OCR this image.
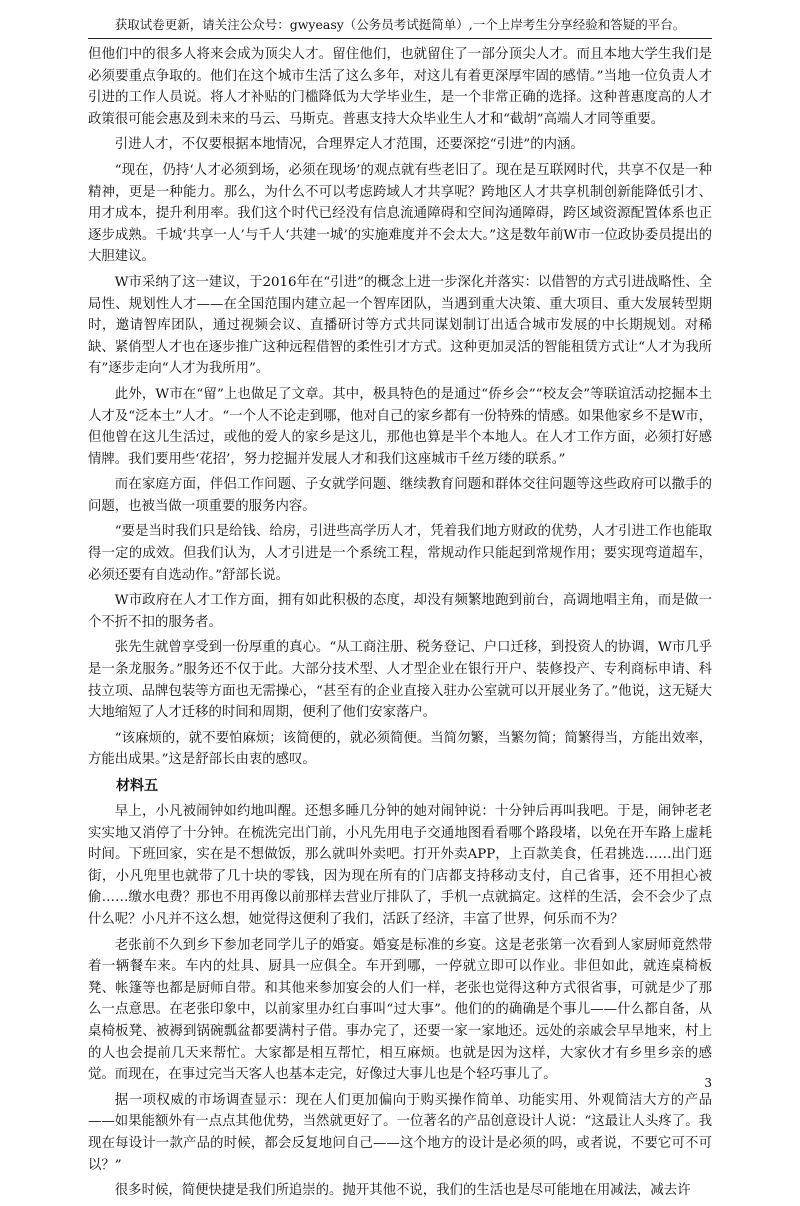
获取试卷更新，请关注公众号：gwyeasy（公务员考试挺简单）,一个上岸考生分享经验和答疑的平台。

但他们中的很多人将来会成为顶尖人才。留住他们，也就留住了一部分顶尖人才。而且本地大学生我们是必须要重点争取的。他们在这个城市生活了这么多年，对这儿有着更深厚牢固的感情。”当地一位负责人才引进的工作人员说。将人才补贴的门槛降低为大学毕业生，是一个非常正确的选择。这种普惠度高的人才政策很可能会惠及到未来的马云、马斯克。普惠支持大众毕业生人才和“截胡”高端人才同等重要。

引进人才，不仅要根据本地情况，合理界定人才范围，还要深挖“引进”的内涵。

“现在，仍持‘人才必须到场，必须在现场’的观点就有些老旧了。现在是互联网时代，共享不仅是一种精神，更是一种能力。那么，为什么不可以考虑跨域人才共享呢？跨地区人才共享机制创新能降低引才、用才成本，提升利用率。我们这个时代已经没有信息流通障碍和空间沟通障碍，跨区域资源配置体系也正逐步成熟。千城‘共享一人’与千人‘共建一城’的实施难度并不会太大。”这是数年前W市一位政协委员提出的大胆建议。

W市采纳了这一建议，于2016年在“引进”的概念上进一步深化并落实：以借智的方式引进战略性、全局性、规划性人才——在全国范围内建立起一个智库团队，当遇到重大决策、重大项目、重大发展转型期时，邀请智库团队，通过视频会议、直播研讨等方式共同谋划制订出适合城市发展的中长期规划。对稀缺、紧俏型人才也在逐步推广这种远程借智的柔性引才方式。这种更加灵活的智能租赁方式让“人才为我所有”逐步走向“人才为我所用”。

此外，W市在“留”上也做足了文章。其中，极具特色的是通过“侨乡会”“校友会”等联谊活动挖掘本土人才及“泛本土”人才。“一个人不论走到哪，他对自己的家乡都有一份特殊的情感。如果他家乡不是W市，但他曾在这儿生活过，或他的爱人的家乡是这儿，那他也算是半个本地人。在人才工作方面，必须打好感情牌。我们要用些‘花招’，努力挖掘并发展人才和我们这座城市千丝万缕的联系。”

而在家庭方面，伴侣工作问题、子女就学问题、继续教育问题和群体交往问题等这些政府可以撒手的问题，也被当做一项重要的服务内容。

“要是当时我们只是给钱、给房，引进些高学历人才，凭着我们地方财政的优势，人才引进工作也能取得一定的成效。但我们认为，人才引进是一个系统工程，常规动作只能起到常规作用；要实现弯道超车，必须还要有自选动作。”舒部长说。

W市政府在人才工作方面，拥有如此积极的态度，却没有频繁地跑到前台，高调地唱主角，而是做一个不折不扣的服务者。

张先生就曾享受到一份厚重的真心。“从工商注册、税务登记、户口迁移，到投资人的协调，W市几乎是一条龙服务。”服务还不仅于此。大部分技术型、人才型企业在银行开户、装修投产、专利商标申请、科技立项、品牌包装等方面也无需操心，“甚至有的企业直接入驻办公室就可以开展业务了。”他说，这无疑大大地缩短了人才迁移的时间和周期，便利了他们安家落户。

“该麻烦的，就不要怕麻烦；该简便的，就必须简便。当简勿繁，当繁勿简；简繁得当，方能出效率，方能出成果。”这是舒部长由衷的感叹。

材料五

早上，小凡被闹钟如约地叫醒。还想多睡几分钟的她对闹钟说：十分钟后再叫我吧。于是，闹钟老老实实地又消停了十分钟。在梳洗完出门前，小凡先用电子交通地图看看哪个路段堵，以免在开车路上虚耗时间。下班回家，实在是不想做饭，那么就叫外卖吧。打开外卖APP，上百款美食，任君挑选……出门逛街，小凡兜里也就带了几十块的零钱，因为现在所有的门店都支持移动支付，自己省事，还不用担心被偷……缴水电费？那也不用再像以前那样去营业厅排队了，手机一点就搞定。这样的生活，会不会少了点什么呢？小凡并不这么想，她觉得这便利了我们，活跃了经济，丰富了世界，何乐而不为？

老张前不久到乡下参加老同学儿子的婚宴。婚宴是标准的乡宴。这是老张第一次看到人家厨师竟然带着一辆餐车来。车内的灶具、厨具一应俱全。车开到哪，一停就立即可以作业。非但如此，就连桌椅板凳、帐篷等也都是厨师自带。和其他来参加宴会的人们一样，老张也觉得这种方式很省事，可就是少了那么一点意思。在老张印象中，以前家里办红白事叫“过大事”。他们的的确确是个事儿——什么都自备，从桌椅板凳、被褥到锅碗瓢盆都要满村子借。事办完了，还要一家一家地还。远处的亲戚会早早地来，村上的人也会提前几天来帮忙。大家都是相互帮忙，相互麻烦。也就是因为这样，大家伙才有乡里乡亲的感觉。而现在，在事过完当天客人也基本走完，好像过大事儿也是个轻巧事儿了。

据一项权威的市场调查显示：现在人们更加偏向于购买操作简单、功能实用、外观简洁大方的产品——如果能额外有一点点其他优势，当然就更好了。一位著名的产品创意设计人说：“这最让人头疼了。我现在每设计一款产品的时候，都会反复地问自己——这个地方的设计是必须的吗，或者说，不要它可不可以？”

很多时候，简便快捷是我们所追崇的。抛开其他不说，我们的生活也是尽可能地在用减法，减去许

3
